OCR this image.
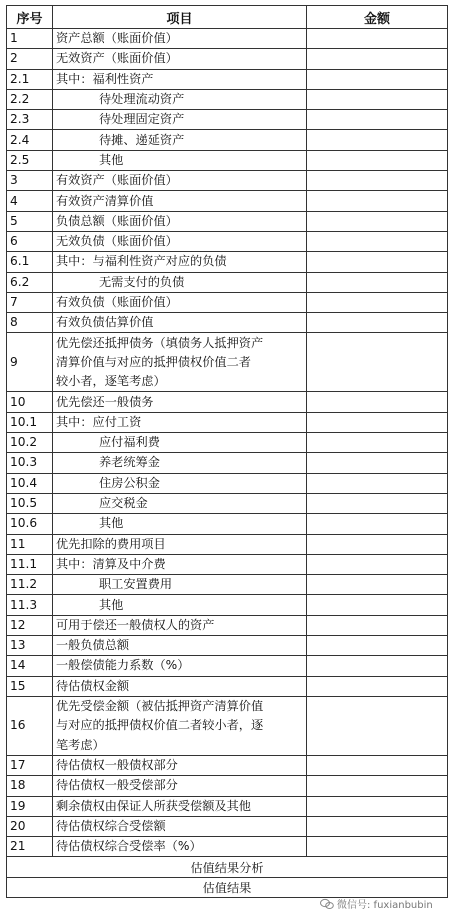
序号	项目	金额
1	资产总额（账面价值）	
2	无效资产（账面价值）	
2.1	其中：福利性资产	
2.2	待处理流动资产	
2.3	待处理固定资产	
2.4	待摊、递延资产	
2.5	其他	
3	有效资产（账面价值）	
4	有效资产清算价值	
5	负债总额（账面价值）	
6	无效负债（账面价值）	
6.1	其中：与福利性资产对应的负债	
6.2	无需支付的负债	
7	有效负债（账面价值）	
8	有效负债估算价值	
9	优先偿还抵押债务（填债务人抵押资产
清算价值与对应的抵押债权价值二者
较小者，逐笔考虑）	
10	优先偿还一般债务	
10.1	其中：应付工资	
10.2	应付福利费	
10.3	养老统筹金	
10.4	住房公积金	
10.5	应交税金	
10.6	其他	
11	优先扣除的费用项目	
11.1	其中：清算及中介费	
11.2	职工安置费用	
11.3	其他	
12	可用于偿还一般债权人的资产	
13	一般负债总额	
14	一般偿债能力系数（%）	
15	待估债权金额	
16	优先受偿金额（被估抵押资产清算价值
与对应的抵押债权价值二者较小者，逐
笔考虑）	
17	待估债权一般债权部分	
18	待估债权一般受偿部分	
19	剩余债权由保证人所获受偿额及其他	
20	待估债权综合受偿额	
21	待估债权综合受偿率（%）	
估值结果分析		
估值结果		
微信号: fuxianbubin
